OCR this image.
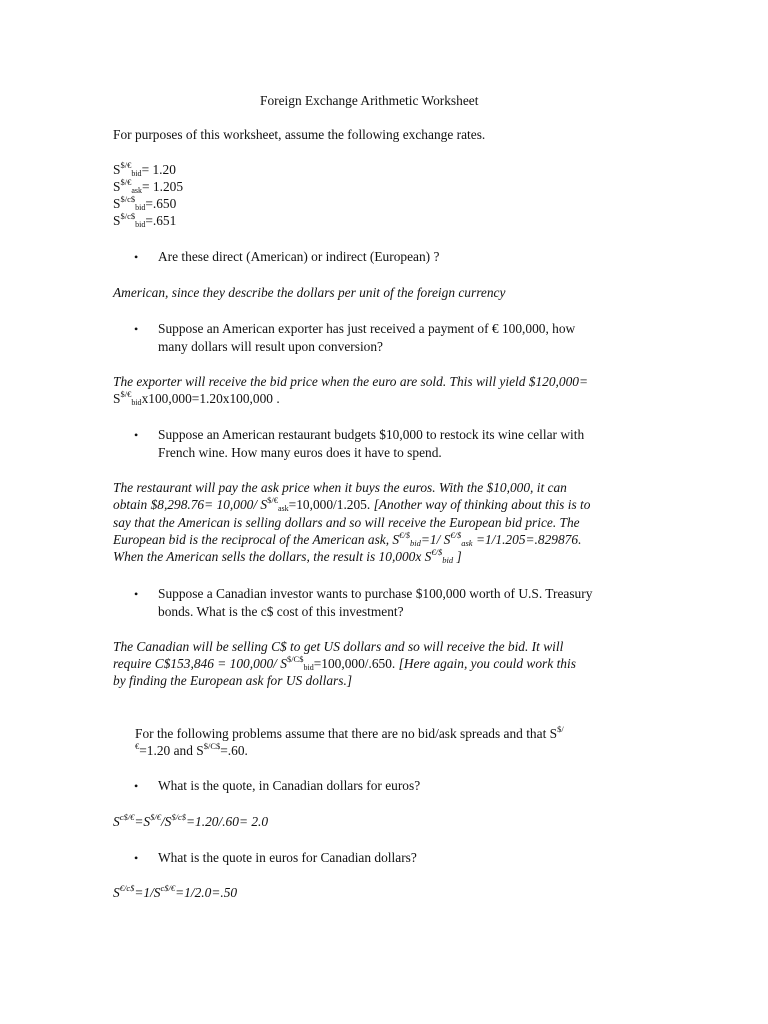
Foreign Exchange Arithmetic Worksheet
For purposes of this worksheet, assume the following exchange rates.
$S^{\$/€}_{bid}= 1.20$
$S^{\$/€}_{ask}= 1.205$
$S^{\$/c\$}_{bid}=.650$
$S^{\$/c\$}_{bid}=.651$
• Are these direct (American) or indirect (European) ?
American, since they describe the dollars per unit of the foreign currency
• Suppose an American exporter has just received a payment of € 100,000, how
many dollars will result upon conversion?
The exporter will receive the bid price when the euro are sold. This will yield $120,000=
$S^{\$/€}_{bid}x100,000=1.20x100,000$ .
• Suppose an American restaurant budgets $10,000 to restock its wine cellar with
French wine. How many euros does it have to spend.
The restaurant will pay the ask price when it buys the euros. With the $10,000, it can
obtain $8,298.76= 10,000/ $S^{\$/€}_{ask}=10,000/1.205$. [Another way of thinking about this is to
say that the American is selling dollars and so will receive the European bid price. The
European bid is the reciprocal of the American ask, $S^{€/\$}_{bid}=1/$ $S^{€/\$}_{ask} =1/1.205=.829876$.
When the American sells the dollars, the result is 10,000x $S^{€/\$}_{bid}$ ]
• Suppose a Canadian investor wants to purchase $100,000 worth of U.S. Treasury
bonds. What is the c$ cost of this investment?
The Canadian will be selling C$ to get US dollars and so will receive the bid. It will
require C$153,846 = 100,000/ $S^{\$/C\$}_{bid}=100,000/.650$. [Here again, you could work this
by finding the European ask for US dollars.]
For the following problems assume that there are no bid/ask spreads and that S$/
€=1.20 and $S^{\$/C\$}=.60$.
• What is the quote, in Canadian dollars for euros?
$S^{c\$/€}=S^{\$/€}/S^{\$/c\$}=1.20/.60= 2.0$
• What is the quote in euros for Canadian dollars?
$S^{€/c\$}=1/S^{c\$/€}=1/2.0=.50$
